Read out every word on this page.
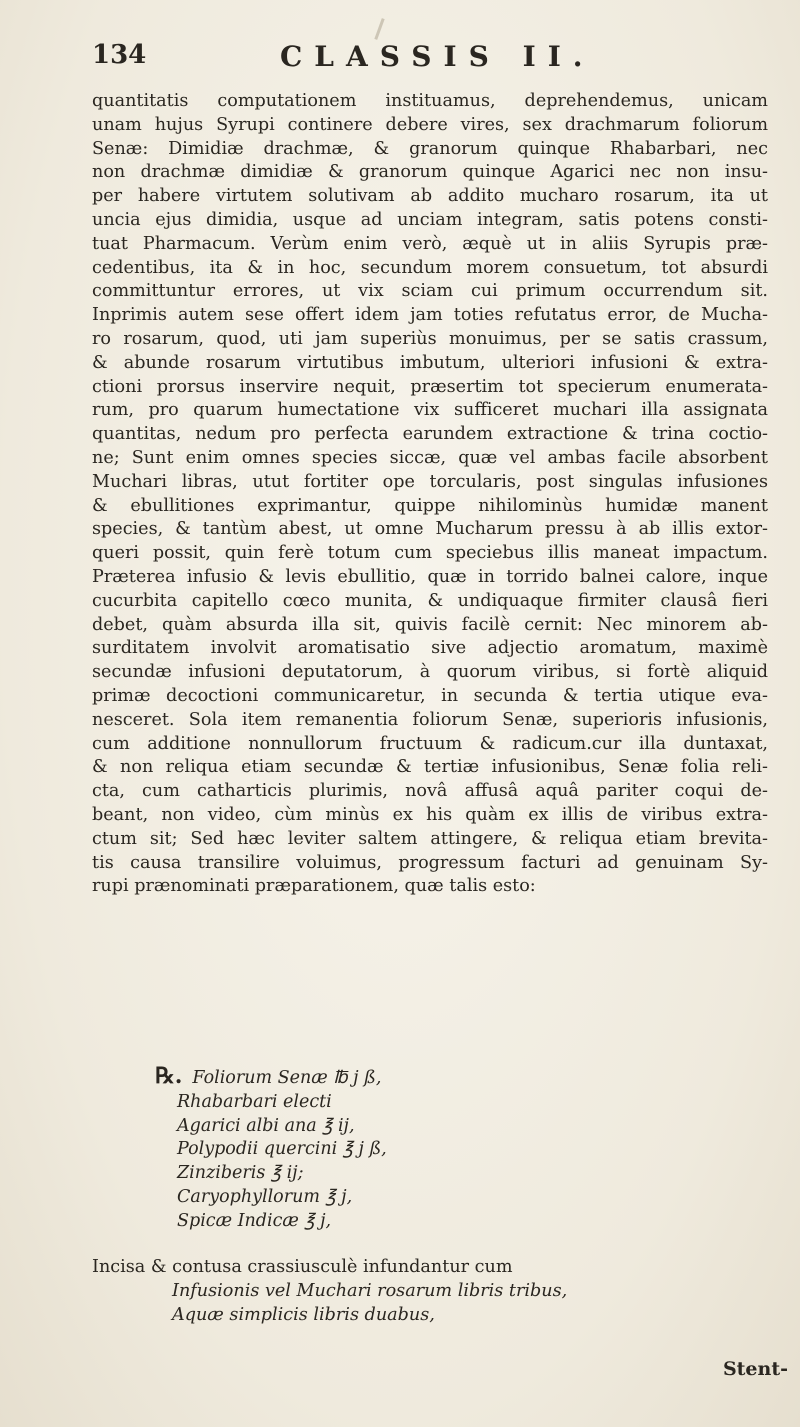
134	CLASSIS II.
quantitatis computationem instituamus, deprehendemus, unicam
unam hujus Syrupi continere debere vires, sex drachmarum foliorum
Senæ: Dimidiæ drachmæ, & granorum quinque Rhabarbari, nec
non drachmæ dimidiæ & granorum quinque Agarici nec non insu-
per habere virtutem solutivam ab addito mucharo rosarum, ita ut
uncia ejus dimidia, usque ad unciam integram, satis potens consti-
tuat Pharmacum. Verùm enim verò, æquè ut in aliis Syrupis præ-
cedentibus, ita & in hoc, secundum morem consuetum, tot absurdi
committuntur errores, ut vix sciam cui primum occurrendum sit.
Inprimis autem sese offert idem jam toties refutatus error, de Mucha-
ro rosarum, quod, uti jam superiùs monuimus, per se satis crassum,
& abunde rosarum virtutibus imbutum, ulteriori infusioni & extra-
ctioni prorsus inservire nequit, præsertim tot specierum enumerata-
rum, pro quarum humectatione vix sufficeret muchari illa assignata
quantitas, nedum pro perfecta earundem extractione & trina coctio-
ne; Sunt enim omnes species siccæ, quæ vel ambas facile absorbent
Muchari libras, utut fortiter ope torcularis, post singulas infusiones
& ebullitiones exprimantur, quippe nihilominùs humidæ manent
species, & tantùm abest, ut omne Mucharum pressu à ab illis extor-
queri possit, quin ferè totum cum speciebus illis maneat impactum.
Præterea infusio & levis ebullitio, quæ in torrido balnei calore, inque
cucurbita capitello cœco munita, & undiquaque firmiter clausâ fieri
debet, quàm absurda illa sit, quivis facilè cernit: Nec minorem ab-
surditatem involvit aromatisatio sive adjectio aromatum, maximè
secundæ infusioni deputatorum, à quorum viribus, si fortè aliquid
primæ decoctioni communicaretur, in secunda & tertia utique eva-
nesceret. Sola item remanentia foliorum Senæ, superioris infusionis,
cum additione nonnullorum fructuum & radicum.cur illa duntaxat,
& non reliqua etiam secundæ & tertiæ infusionibus, Senæ folia reli-
cta, cum catharticis plurimis, novâ affusâ aquâ pariter coqui de-
beant, non video, cùm minùs ex his quàm ex illis de viribus extra-
ctum sit; Sed hæc leviter saltem attingere, & reliqua etiam brevita-
tis causa transilire voluimus, progressum facturi ad genuinam Sy-
rupi prænominati præparationem, quæ talis esto:
℞. Foliorum Senæ ℔ j ß,
Rhabarbari electi
Agarici albi ana ℥ ij,
Polypodii quercini ℥ j ß,
Zinziberis ℥ ij;
Caryophyllorum ℥ j,
Spicæ Indicæ ℥ j,
Incisa & contusa crassiusculè infundantur cum
Infusionis vel Muchari rosarum libris tribus,
Aquæ simplicis libris duabus,
Stent-
